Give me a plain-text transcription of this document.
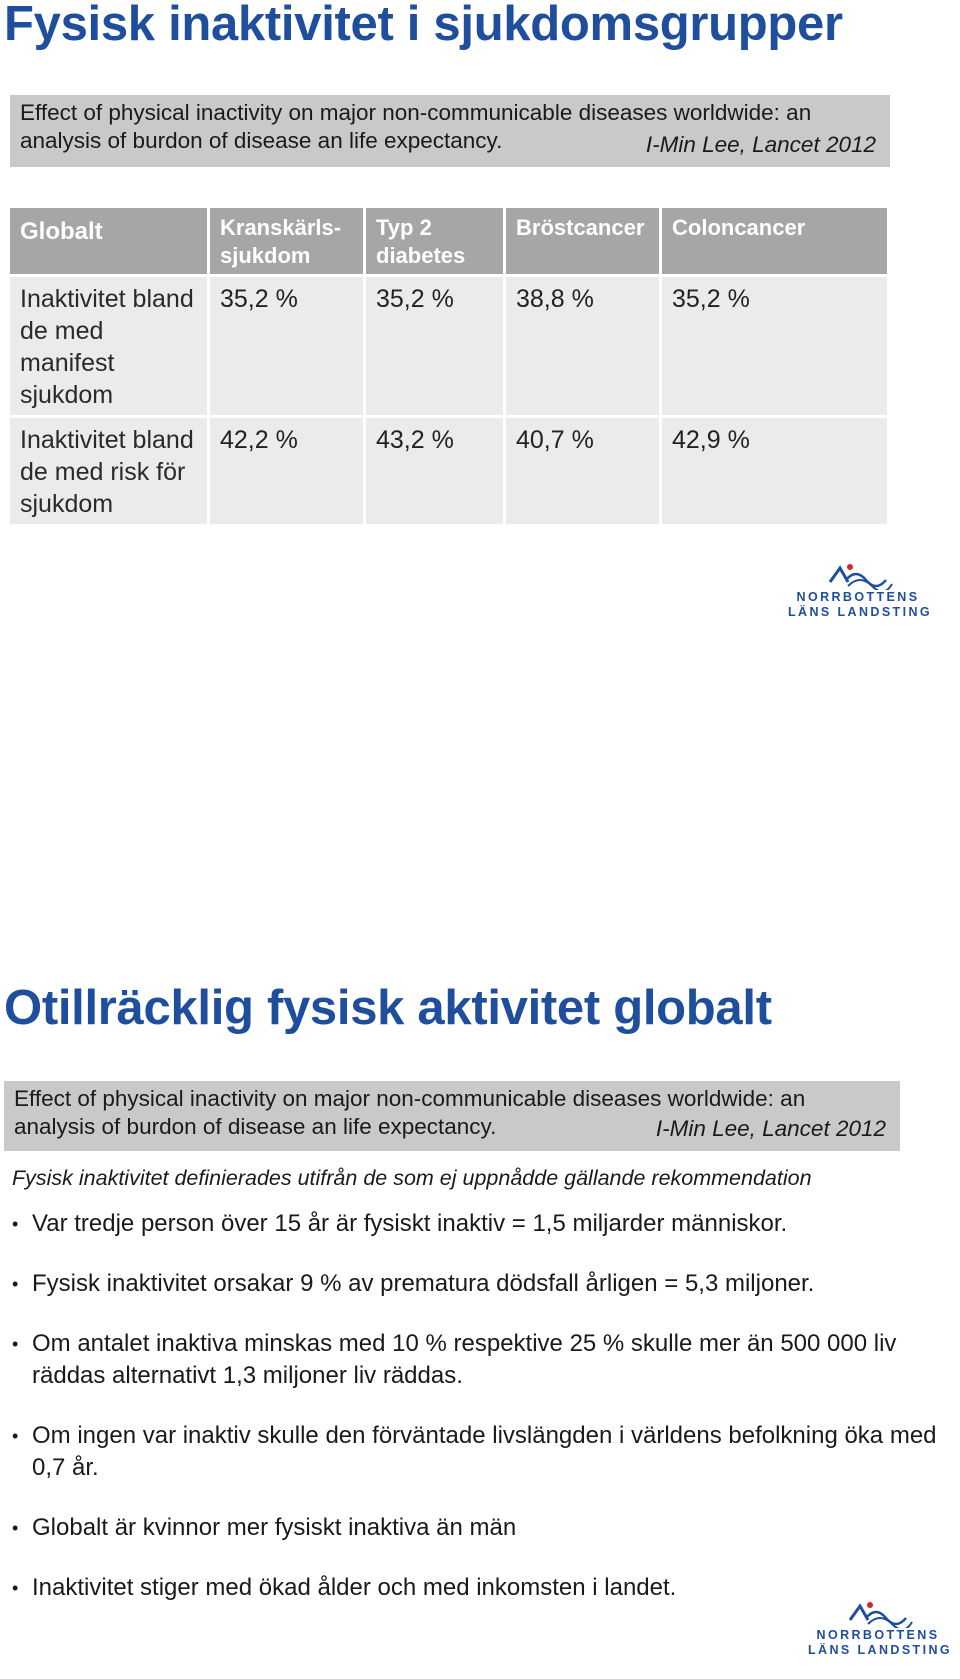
Fysisk inaktivitet i sjukdomsgrupper
Effect of physical inactivity on major non-communicable diseases worldwide: an analysis of burdon of disease an life expectancy.	I-Min Lee, Lancet 2012
Globalt	Kranskärls-sjukdom	Typ 2 diabetes	Bröstcancer	Coloncancer
Inaktivitet bland de med manifest sjukdom	35,2 %	35,2 %	38,8 %	35,2 %
Inaktivitet bland de med risk för sjukdom	42,2 %	43,2 %	40,7 %	42,9 %
NORRBOTTENS
LÄNS LANDSTING
Otillräcklig fysisk aktivitet globalt
Effect of physical inactivity on major non-communicable diseases worldwide: an analysis of burdon of disease an life expectancy.	I-Min Lee, Lancet 2012

Fysisk inaktivitet definierades utifrån de som ej uppnådde gällande rekommendation

• Var tredje person över 15 år är fysiskt inaktiv = 1,5 miljarder människor.
• Fysisk inaktivitet orsakar 9 % av prematura dödsfall årligen = 5,3 miljoner.
• Om antalet inaktiva minskas med 10 % respektive 25 % skulle mer än 500 000 liv räddas alternativt 1,3 miljoner liv räddas.
• Om ingen var inaktiv skulle den förväntade livslängden i världens befolkning öka med 0,7 år.
• Globalt är kvinnor mer fysiskt inaktiva än män
• Inaktivitet stiger med ökad ålder och med inkomsten i landet.
NORRBOTTENS
LÄNS LANDSTING
